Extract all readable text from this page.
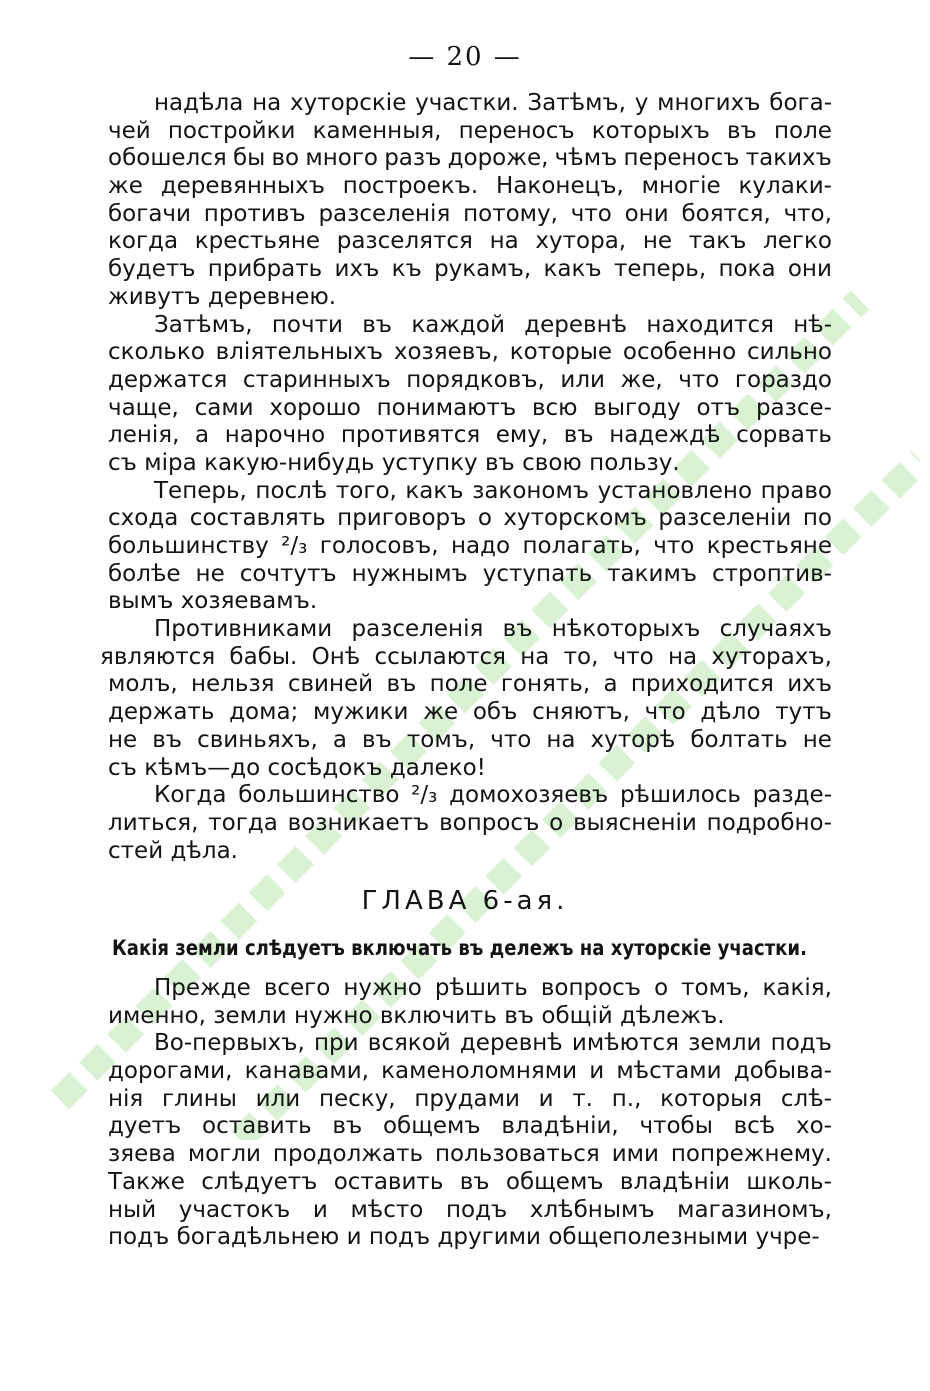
— 20 —
надѣла на хуторскіе участки. Затѣмъ, у многихъ бога-
чей постройки каменныя, переносъ которыхъ въ поле
обошелся бы во много разъ дороже, чѣмъ переносъ такихъ
же деревянныхъ построекъ. Наконецъ, многіе кулаки-
богачи противъ разселенія потому, что они боятся, что,
когда крестьяне разселятся на хутора, не такъ легко
будетъ прибрать ихъ къ рукамъ, какъ теперь, пока они
живутъ деревнею.
Затѣмъ, почти въ каждой деревнѣ находится нѣ-
сколько вліятельныхъ хозяевъ, которые особенно сильно
держатся старинныхъ порядковъ, или же, что гораздо
чаще, сами хорошо понимаютъ всю выгоду отъ разсе-
ленія, а нарочно противятся ему, въ надеждѣ сорвать
съ міра какую-нибудь уступку въ свою пользу.
Теперь, послѣ того, какъ закономъ установлено право
схода составлять приговоръ о хуторскомъ разселеніи по
большинству ²/₃ голосовъ, надо полагать, что крестьяне
болѣе не сочтутъ нужнымъ уступать такимъ строптив-
вымъ хозяевамъ.
Противниками разселенія въ нѣкоторыхъ случаяхъ
являются бабы. Онѣ ссылаются на то, что на хуторахъ,
молъ, нельзя свиней въ поле гонять, а приходится ихъ
держать дома; мужики же объ сняютъ, что дѣло тутъ
не въ свиньяхъ, а въ томъ, что на хуторѣ болтать не
съ кѣмъ—до сосѣдокъ далеко!
Когда большинство ²/₃ домохозяевъ рѣшилось разде-
литься, тогда возникаетъ вопросъ о выясненіи подробно-
стей дѣла.
ГЛАВА 6-ая.
Какія земли слѣдуетъ включать въ дележъ на хуторскіе участки.
Прежде всего нужно рѣшить вопросъ о томъ, какія,
именно, земли нужно включить въ общій дѣлежъ.
Во-первыхъ, при всякой деревнѣ имѣются земли подъ
дорогами, канавами, каменоломнями и мѣстами добыва-
нія глины или песку, прудами и т. п., которыя слѣ-
дуетъ оставить въ общемъ владѣніи, чтобы всѣ хо-
зяева могли продолжать пользоваться ими попрежнему.
Также слѣдуетъ оставить въ общемъ владѣніи школь-
ный участокъ и мѣсто подъ хлѣбнымъ магазиномъ,
подъ богадѣльнею и подъ другими общеполезными учре-
